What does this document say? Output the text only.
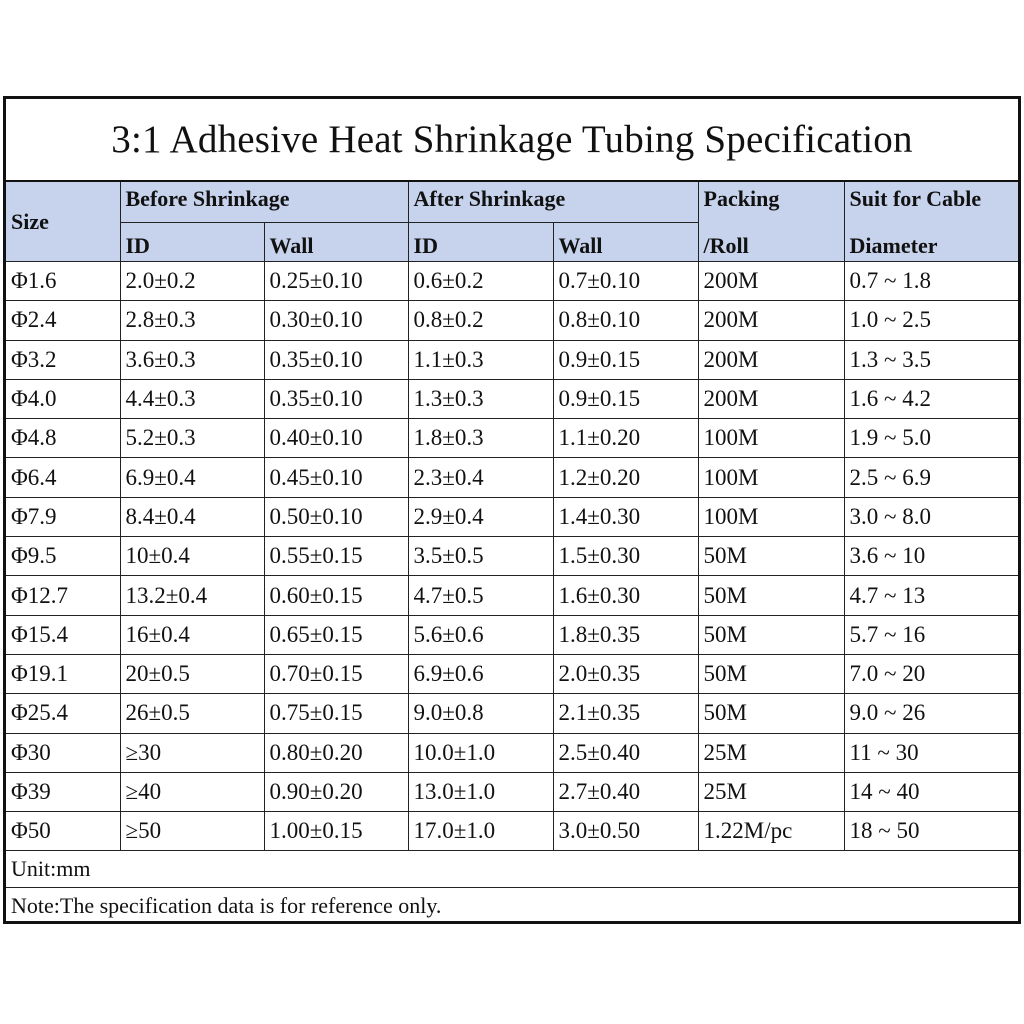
3:1 Adhesive Heat Shrinkage Tubing Specification
Size	Before Shrinkage		After Shrinkage		Packing	Suit for Cable
	ID	Wall	ID	Wall	/Roll	Diameter
Φ1.6	2.0±0.2	0.25±0.10	0.6±0.2	0.7±0.10	200M	0.7 ~ 1.8
Φ2.4	2.8±0.3	0.30±0.10	0.8±0.2	0.8±0.10	200M	1.0 ~ 2.5
Φ3.2	3.6±0.3	0.35±0.10	1.1±0.3	0.9±0.15	200M	1.3 ~ 3.5
Φ4.0	4.4±0.3	0.35±0.10	1.3±0.3	0.9±0.15	200M	1.6 ~ 4.2
Φ4.8	5.2±0.3	0.40±0.10	1.8±0.3	1.1±0.20	100M	1.9 ~ 5.0
Φ6.4	6.9±0.4	0.45±0.10	2.3±0.4	1.2±0.20	100M	2.5 ~ 6.9
Φ7.9	8.4±0.4	0.50±0.10	2.9±0.4	1.4±0.30	100M	3.0 ~ 8.0
Φ9.5	10±0.4	0.55±0.15	3.5±0.5	1.5±0.30	50M	3.6 ~ 10
Φ12.7	13.2±0.4	0.60±0.15	4.7±0.5	1.6±0.30	50M	4.7 ~ 13
Φ15.4	16±0.4	0.65±0.15	5.6±0.6	1.8±0.35	50M	5.7 ~ 16
Φ19.1	20±0.5	0.70±0.15	6.9±0.6	2.0±0.35	50M	7.0 ~ 20
Φ25.4	26±0.5	0.75±0.15	9.0±0.8	2.1±0.35	50M	9.0 ~ 26
Φ30	≥30	0.80±0.20	10.0±1.0	2.5±0.40	25M	11 ~ 30
Φ39	≥40	0.90±0.20	13.0±1.0	2.7±0.40	25M	14 ~ 40
Φ50	≥50	1.00±0.15	17.0±1.0	3.0±0.50	1.22M/pc	18 ~ 50
Unit:mm						
Note:The specification data is for reference only.						
